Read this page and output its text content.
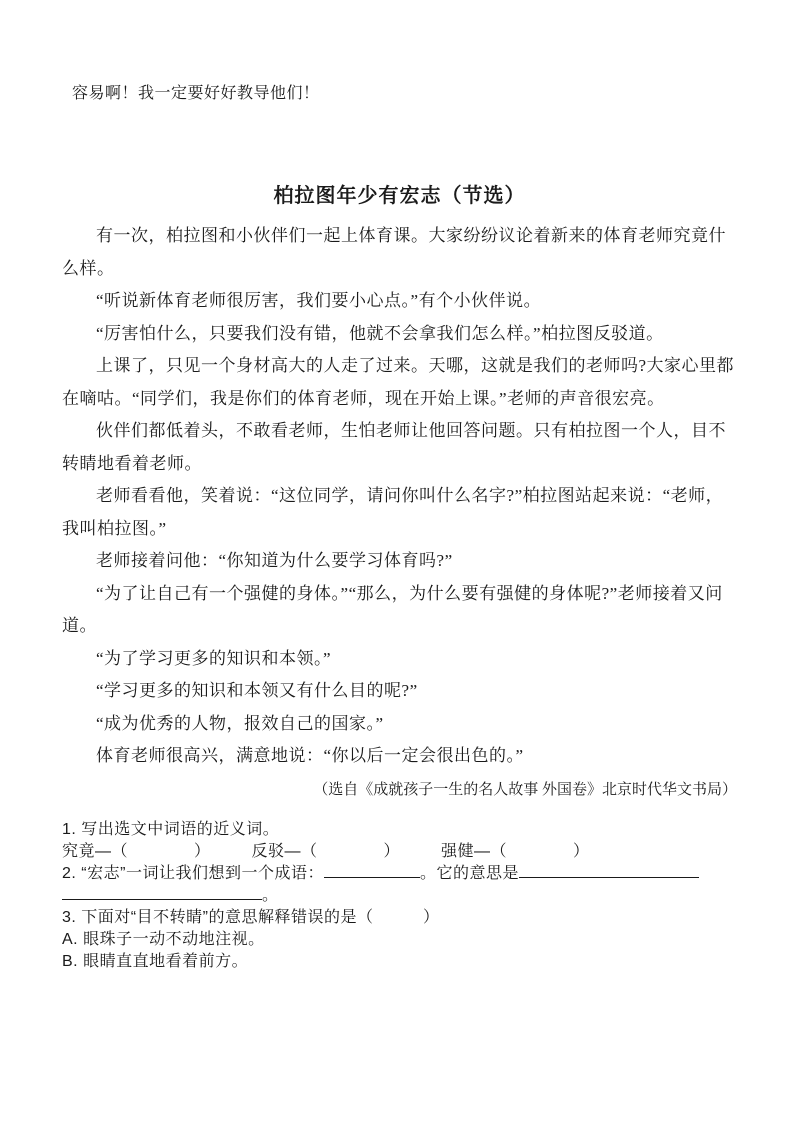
容易啊！我一定要好好教导他们！

柏拉图年少有宏志（节选）

有一次，柏拉图和小伙伴们一起上体育课。大家纷纷议论着新来的体育老师究竟什么样。

“听说新体育老师很厉害，我们要小心点。”有个小伙伴说。

“厉害怕什么，只要我们没有错，他就不会拿我们怎么样。”柏拉图反驳道。

上课了，只见一个身材高大的人走了过来。天哪，这就是我们的老师吗?大家心里都在嘀咕。“同学们，我是你们的体育老师，现在开始上课。”老师的声音很宏亮。

伙伴们都低着头，不敢看老师，生怕老师让他回答问题。只有柏拉图一个人，目不转睛地看着老师。

老师看看他，笑着说：“这位同学，请问你叫什么名字?”柏拉图站起来说：“老师，　我叫柏拉图。”

老师接着问他：“你知道为什么要学习体育吗?”

“为了让自己有一个强健的身体。”“那么，为什么要有强健的身体呢?”老师接着又问道。

“为了学习更多的知识和本领。”

“学习更多的知识和本领又有什么目的呢?”

“成为优秀的人物，报效自己的国家。”

体育老师很高兴，满意地说：“你以后一定会很出色的。”

（选自《成就孩子一生的名人故事 外国卷》北京时代华文书局）

1. 写出选文中词语的近义词。

究竟—（　　　　）	反驳—（　　　　）	强健—（　　　　）

2. “宏志”一词让我们想到一个成语：	。它的意思是

。

3. 下面对“目不转睛”的意思解释错误的是（　　　）

A. 眼珠子一动不动地注视。

B. 眼睛直直地看着前方。
